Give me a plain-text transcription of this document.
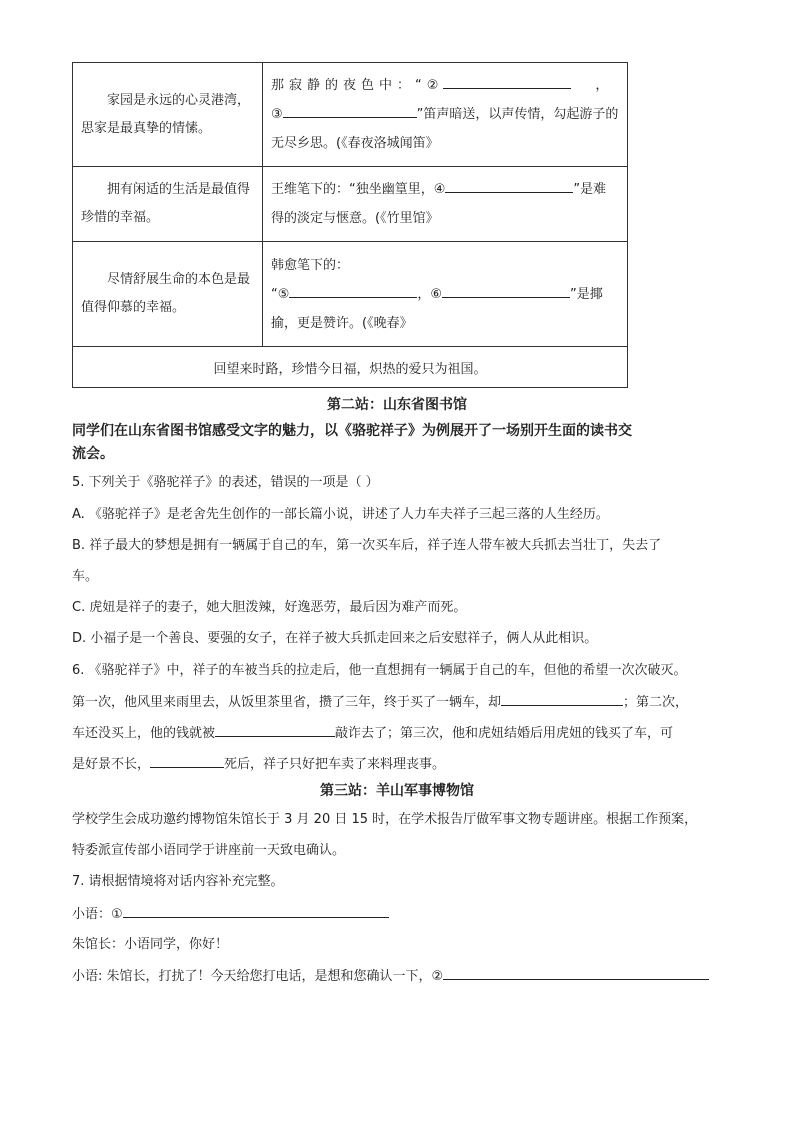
家园是永远的心灵港湾，思家是最真挚的情愫。	那寂静的夜色中：“② ，
③ ”笛声暗送，以声传情，勾起游子的无尽乡思。(《春夜洛城闻笛》

拥有闲适的生活是最值得珍惜的幸福。	王维笔下的：“独坐幽篁里，④ ”是难得的淡定与惬意。(《竹里馆》

尽情舒展生命的本色是最值得仰慕的幸福。	韩愈笔下的：
“⑤ ，⑥ ”是揶揄，更是赞许。(《晚春》

回望来时路，珍惜今日福，炽热的爱只为祖国。	
第二站：山东省图书馆
同学们在山东省图书馆感受文字的魅力，以《骆驼祥子》为例展开了一场别开生面的读书交
流会。
5. 下列关于《骆驼祥子》的表述，错误的一项是（ ）
A. 《骆驼祥子》是老舍先生创作的一部长篇小说，讲述了人力车夫祥子三起三落的人生经历。
B. 祥子最大的梦想是拥有一辆属于自己的车，第一次买车后，祥子连人带车被大兵抓去当壮丁，失去了
车。
C. 虎妞是祥子的妻子，她大胆泼辣，好逸恶劳，最后因为难产而死。
D. 小福子是一个善良、要强的女子，在祥子被大兵抓走回来之后安慰祥子，俩人从此相识。
6. 《骆驼祥子》中，祥子的车被当兵的拉走后，他一直想拥有一辆属于自己的车，但他的希望一次次破灭。
第一次，他风里来雨里去，从饭里茶里省，攒了三年，终于买了一辆车，却	；第二次，
车还没买上，他的钱就被	敲诈去了；第三次，他和虎妞结婚后用虎妞的钱买了车，可
是好景不长，	死后，祥子只好把车卖了来料理丧事。
第三站：羊山军事博物馆
学校学生会成功邀约博物馆朱馆长于 3 月 20 日 15 时，在学术报告厅做军事文物专题讲座。根据工作预案，
特委派宣传部小语同学于讲座前一天致电确认。
7. 请根据情境将对话内容补充完整。
小语：①
朱馆长：小语同学，你好！
小语: 朱馆长，打扰了！今天给您打电话，是想和您确认一下，②
